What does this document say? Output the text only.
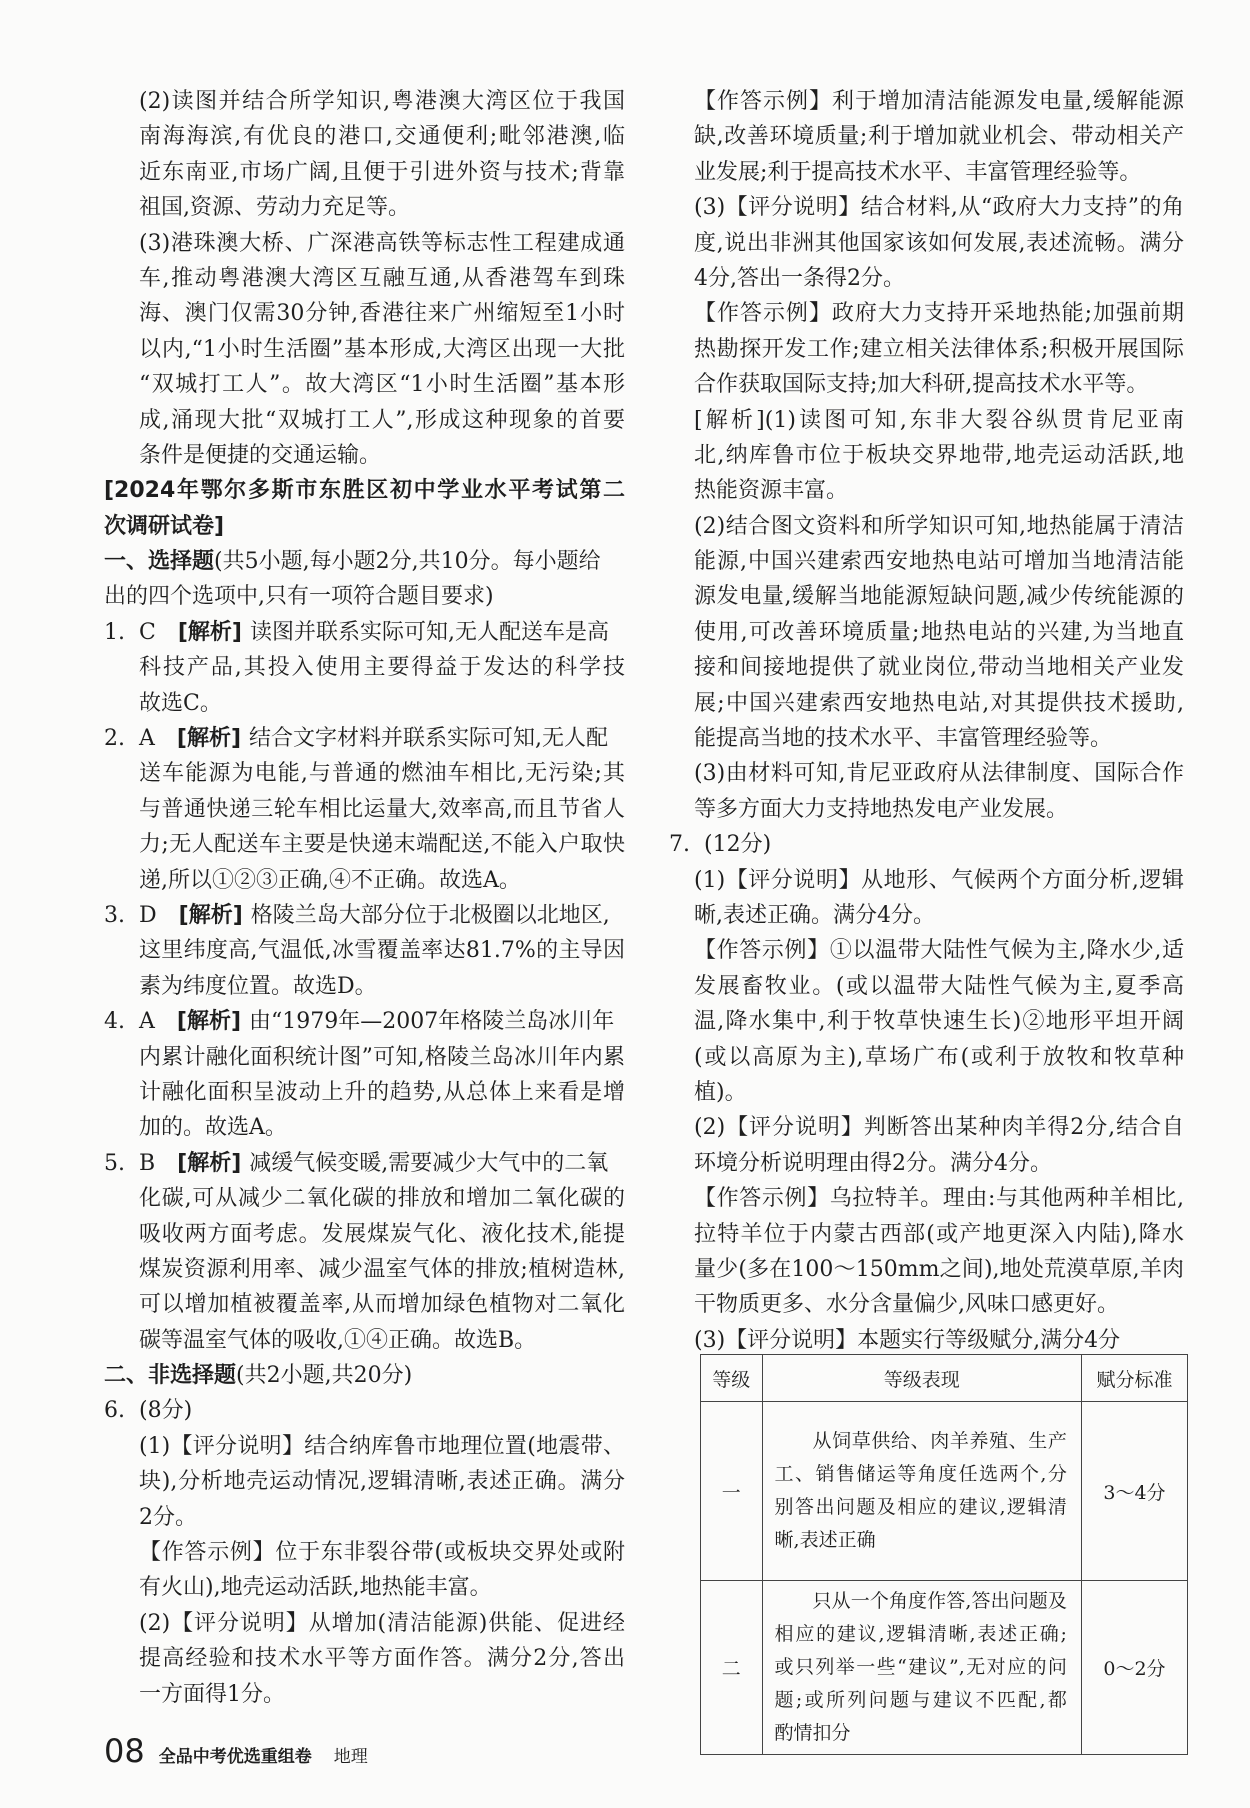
(2)读图并结合所学知识,粤港澳大湾区位于我国
南海海滨,有优良的港口,交通便利;毗邻港澳,临
近东南亚,市场广阔,且便于引进外资与技术;背靠
祖国,资源、劳动力充足等。
(3)港珠澳大桥、广深港高铁等标志性工程建成通
车,推动粤港澳大湾区互融互通,从香港驾车到珠
海、澳门仅需30分钟,香港往来广州缩短至1小时
以内,“1小时生活圈”基本形成,大湾区出现一大批
“双城打工人”。故大湾区“1小时生活圈”基本形
成,涌现大批“双城打工人”,形成这种现象的首要
条件是便捷的交通运输。
[2024年鄂尔多斯市东胜区初中学业水平考试第二
次调研试卷]
一、选择题(共5小题,每小题2分,共10分。每小题给
出的四个选项中,只有一项符合题目要求)
1. C [解析] 读图并联系实际可知,无人配送车是高
科技产品,其投入使用主要得益于发达的科学技
故选C。
2. A [解析] 结合文字材料并联系实际可知,无人配
送车能源为电能,与普通的燃油车相比,无污染;其
与普通快递三轮车相比运量大,效率高,而且节省人
力;无人配送车主要是快递末端配送,不能入户取快
递,所以①②③正确,④不正确。故选A。
3. D [解析] 格陵兰岛大部分位于北极圈以北地区,
这里纬度高,气温低,冰雪覆盖率达81.7%的主导因
素为纬度位置。故选D。
4. A [解析] 由“1979年—2007年格陵兰岛冰川年
内累计融化面积统计图”可知,格陵兰岛冰川年内累
计融化面积呈波动上升的趋势,从总体上来看是增
加的。故选A。
5. B [解析] 减缓气候变暖,需要减少大气中的二氧
化碳,可从减少二氧化碳的排放和增加二氧化碳的
吸收两方面考虑。发展煤炭气化、液化技术,能提
煤炭资源利用率、减少温室气体的排放;植树造林,
可以增加植被覆盖率,从而增加绿色植物对二氧化
碳等温室气体的吸收,①④正确。故选B。
二、非选择题(共2小题,共20分)
6. (8分)
(1)【评分说明】结合纳库鲁市地理位置(地震带、
块),分析地壳运动情况,逻辑清晰,表述正确。满分
2分。
【作答示例】位于东非裂谷带(或板块交界处或附
有火山),地壳运动活跃,地热能丰富。
(2)【评分说明】从增加(清洁能源)供能、促进经
提高经验和技术水平等方面作答。满分2分,答出
一方面得1分。
【作答示例】利于增加清洁能源发电量,缓解能源
缺,改善环境质量;利于增加就业机会、带动相关产
业发展;利于提高技术水平、丰富管理经验等。
(3)【评分说明】结合材料,从“政府大力支持”的角
度,说出非洲其他国家该如何发展,表述流畅。满分
4分,答出一条得2分。
【作答示例】政府大力支持开采地热能;加强前期
热勘探开发工作;建立相关法律体系;积极开展国际
合作获取国际支持;加大科研,提高技术水平等。
[解析](1)读图可知,东非大裂谷纵贯肯尼亚南
北,纳库鲁市位于板块交界地带,地壳运动活跃,地
热能资源丰富。
(2)结合图文资料和所学知识可知,地热能属于清洁
能源,中国兴建索西安地热电站可增加当地清洁能
源发电量,缓解当地能源短缺问题,减少传统能源的
使用,可改善环境质量;地热电站的兴建,为当地直
接和间接地提供了就业岗位,带动当地相关产业发
展;中国兴建索西安地热电站,对其提供技术援助,
能提高当地的技术水平、丰富管理经验等。
(3)由材料可知,肯尼亚政府从法律制度、国际合作
等多方面大力支持地热发电产业发展。
7. (12分)
(1)【评分说明】从地形、气候两个方面分析,逻辑
晰,表述正确。满分4分。
【作答示例】①以温带大陆性气候为主,降水少,适
发展畜牧业。(或以温带大陆性气候为主,夏季高
温,降水集中,利于牧草快速生长)②地形平坦开阔
(或以高原为主),草场广布(或利于放牧和牧草种
植)。
(2)【评分说明】判断答出某种肉羊得2分,结合自
环境分析说明理由得2分。满分4分。
【作答示例】乌拉特羊。理由:与其他两种羊相比,
拉特羊位于内蒙古西部(或产地更深入内陆),降水
量少(多在100～150mm之间),地处荒漠草原,羊肉
干物质更多、水分含量偏少,风味口感更好。
(3)【评分说明】本题实行等级赋分,满分4分
等级	等级表现	赋分标准
一	从饲草供给、肉羊养殖、生产
工、销售储运等角度任选两个,分
别答出问题及相应的建议,逻辑清
晰,表述正确	3～4分
二	只从一个角度作答,答出问题及
相应的建议,逻辑清晰,表述正确;
或只列举一些“建议”,无对应的问
题;或所列问题与建议不匹配,都
酌情扣分	0～2分
08 全品中考优选重组卷 地理
